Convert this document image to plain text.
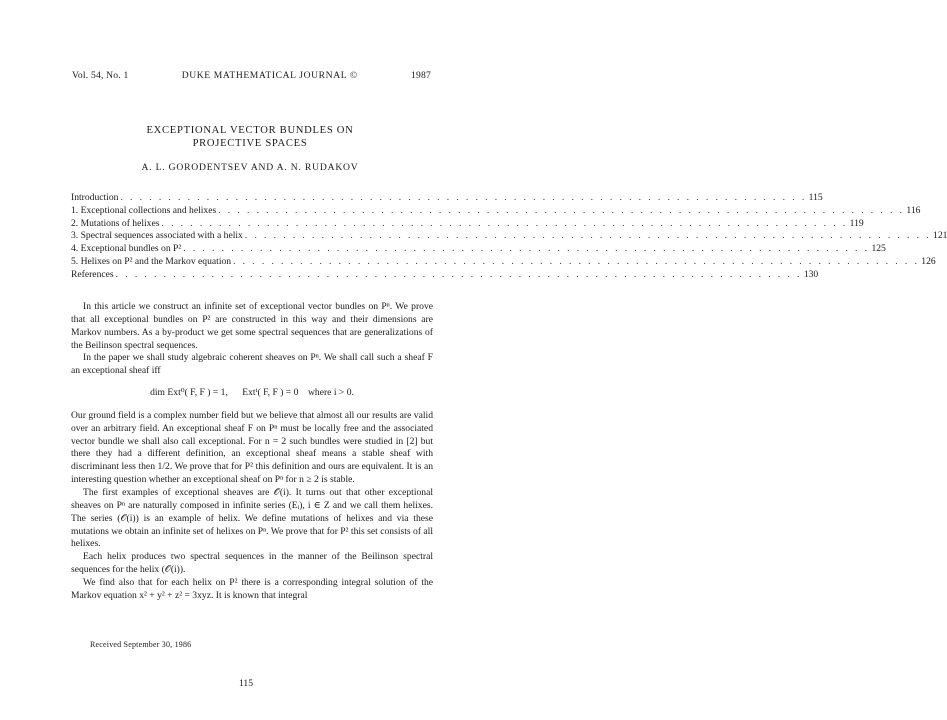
Vol. 54, No. 1	DUKE MATHEMATICAL JOURNAL ©	1987
EXCEPTIONAL VECTOR BUNDLES ON
PROJECTIVE SPACES
A. L. GORODENTSEV AND A. N. RUDAKOV
Introduction . . . . . . . . . . . . . . . . . . . . . . . . . . . . . . . . . . . . . . . . . . . . . . . . . . . . . . . . . . . . . . . . . . . . . . . . 115
1. Exceptional collections and helixes . . . . . . . . . . . . . . . . . . . . . . . . . . . . . . . . . . . . . . . . . . . . . . . . . . . . . . . . . . . . . . . . . . . . . . . . 116
2. Mutations of helixes . . . . . . . . . . . . . . . . . . . . . . . . . . . . . . . . . . . . . . . . . . . . . . . . . . . . . . . . . . . . . . . . . . . . . . . . 119
3. Spectral sequences associated with a helix . . . . . . . . . . . . . . . . . . . . . . . . . . . . . . . . . . . . . . . . . . . . . . . . . . . . . . . . . . . . . . . . . . . . . . . . 121
4. Exceptional bundles on P² . . . . . . . . . . . . . . . . . . . . . . . . . . . . . . . . . . . . . . . . . . . . . . . . . . . . . . . . . . . . . . . . . . . . . . . . 125
5. Helixes on P² and the Markov equation . . . . . . . . . . . . . . . . . . . . . . . . . . . . . . . . . . . . . . . . . . . . . . . . . . . . . . . . . . . . . . . . . . . . . . . . 126
References . . . . . . . . . . . . . . . . . . . . . . . . . . . . . . . . . . . . . . . . . . . . . . . . . . . . . . . . . . . . . . . . . . . . . . . . 130

In this article we construct an infinite set of exceptional vector bundles on Pⁿ. We prove that all exceptional bundles on P² are constructed in this way and their dimensions are Markov numbers. As a by-product we get some spectral sequences that are generalizations of the Beilinson spectral sequences.

In the paper we shall study algebraic coherent sheaves on Pⁿ. We shall call such a sheaf F an exceptional sheaf iff

dim Ext⁰( F, F ) = 1,      Extⁱ( F, F ) = 0    where i > 0.

Our ground field is a complex number field but we believe that almost all our results are valid over an arbitrary field. An exceptional sheaf F on Pⁿ must be locally free and the associated vector bundle we shall also call exceptional. For n = 2 such bundles were studied in [2] but there they had a different definition, an exceptional sheaf means a stable sheaf with discriminant less then 1/2. We prove that for P² this definition and ours are equivalent. It is an interesting question whether an exceptional sheaf on Pⁿ for n ≥ 2 is stable.

The first examples of exceptional sheaves are 𝒪(i). It turns out that other exceptional sheaves on Pⁿ are naturally composed in infinite series (Eᵢ), i ∈ Z and we call them helixes. The series (𝒪(i)) is an example of helix. We define mutations of helixes and via these mutations we obtain an infinite set of helixes on Pⁿ. We prove that for P² this set consists of all helixes.

Each helix produces two spectral sequences in the manner of the Beilinson spectral sequences for the helix (𝒪(i)).

We find also that for each helix on P² there is a corresponding integral solution of the Markov equation x² + y² + z² = 3xyz. It is known that integral

Received September 30, 1986
115
